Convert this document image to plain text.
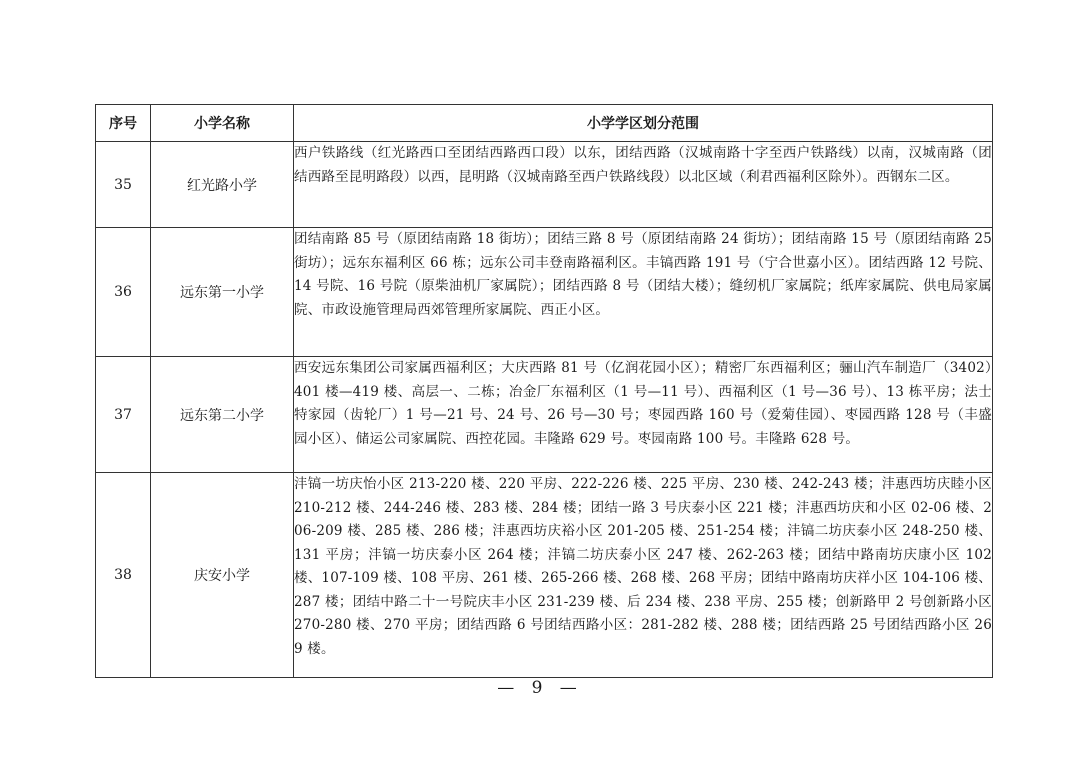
序号	小学名称	小学学区划分范围
35	红光路小学	西户铁路线（红光路西口至团结西路西口段）以东，团结西路（汉城南路十字至西户铁路线）以南，汉城南路（团结西路至昆明路段）以西，昆明路（汉城南路至西户铁路线段）以北区域（利君西福利区除外）。西钢东二区。
36	远东第一小学	团结南路 85 号（原团结南路 18 街坊）；团结三路 8 号（原团结南路 24 街坊）；团结南路 15 号（原团结南路 25 街坊）；远东东福利区 66 栋；远东公司丰登南路福利区。丰镐西路 191 号（宁合世嘉小区）。团结西路 12 号院、14 号院、16 号院（原柴油机厂家属院）；团结西路 8 号（团结大楼）；缝纫机厂家属院；纸库家属院、供电局家属院、市政设施管理局西郊管理所家属院、西正小区。
37	远东第二小学	西安远东集团公司家属西福利区；大庆西路 81 号（亿润花园小区）；精密厂东西福利区；骊山汽车制造厂（3402）401 楼—419 楼、高层一、二栋；冶金厂东福利区（1 号—11 号）、西福利区（1 号—36 号）、13 栋平房；法士特家园（齿轮厂）1 号—21 号、24 号、26 号—30 号；枣园西路 160 号（爱菊佳园）、枣园西路 128 号（丰盛园小区）、储运公司家属院、西控花园。丰隆路 629 号。枣园南路 100 号。丰隆路 628 号。
38	庆安小学	沣镐一坊庆怡小区 213-220 楼、220 平房、222-226 楼、225 平房、230 楼、242-243 楼；沣惠西坊庆睦小区 210-212 楼、244-246 楼、283 楼、284 楼；团结一路 3 号庆泰小区 221 楼；沣惠西坊庆和小区 02-06 楼、206-209 楼、285 楼、286 楼；沣惠西坊庆裕小区 201-205 楼、251-254 楼；沣镐二坊庆泰小区 248-250 楼、131 平房；沣镐一坊庆泰小区 264 楼；沣镐二坊庆泰小区 247 楼、262-263 楼；团结中路南坊庆康小区 102 楼、107-109 楼、108 平房、261 楼、265-266 楼、268 楼、268 平房；团结中路南坊庆祥小区 104-106 楼、287 楼；团结中路二十一号院庆丰小区 231-239 楼、后 234 楼、238 平房、255 楼；创新路甲 2 号创新路小区 270-280 楼、270 平房；团结西路 6 号团结西路小区：281-282 楼、288 楼；团结西路 25 号团结西路小区 269 楼。
— 9 —
